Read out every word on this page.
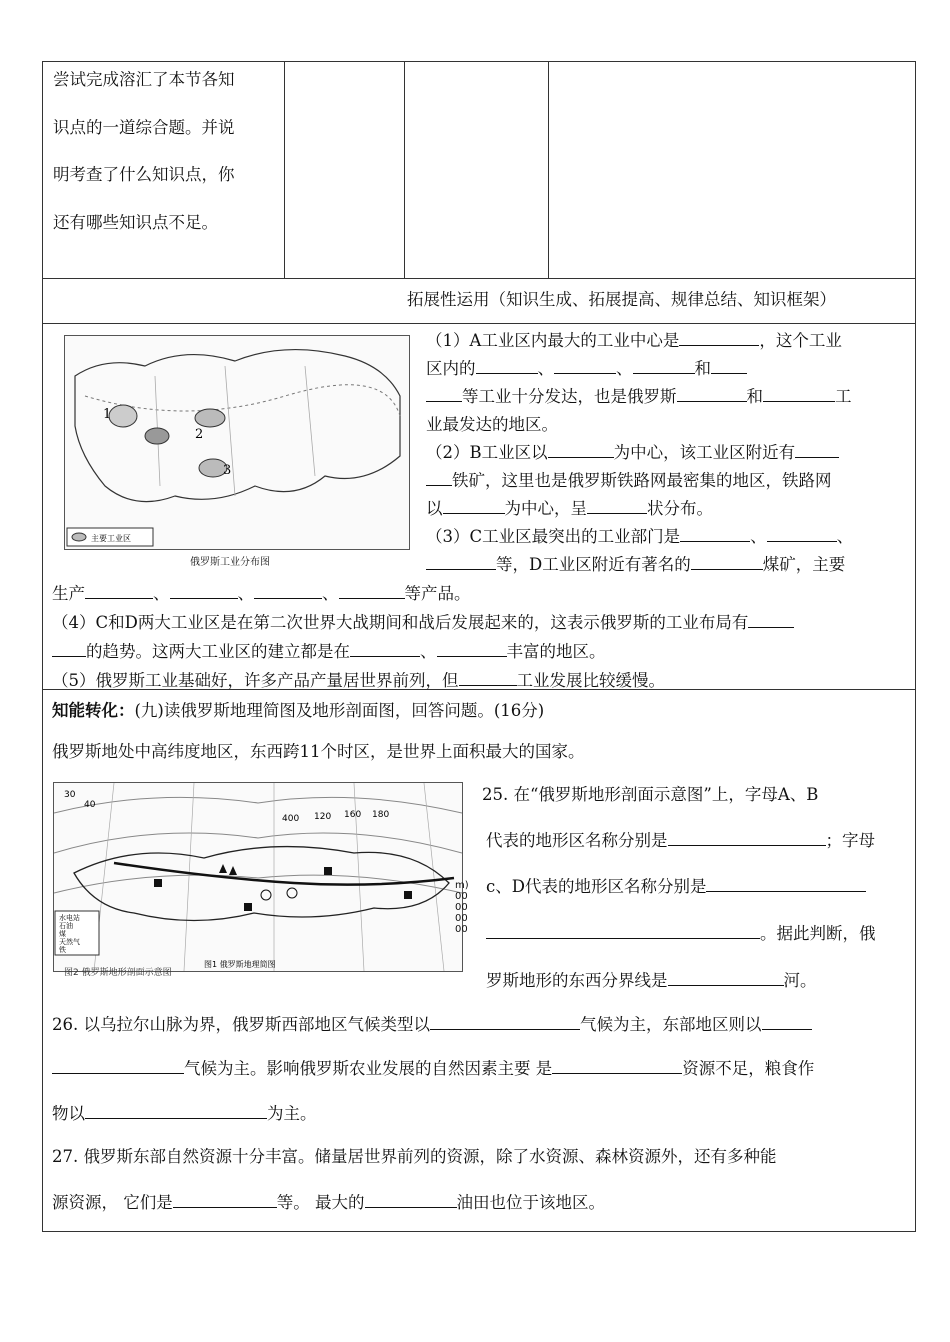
尝试完成溶汇了本节各知
识点的一道综合题。并说
明考查了什么知识点，你
还有哪些知识点不足。
拓展性运用（知识生成、拓展提高、规律总结、知识框架）
1
2
3
主要工业区
俄罗斯工业分布图
（1）A工业区内最大的工业中心是	，这个工业
区内的	、	、	和
等工业十分发达，也是俄罗斯	和	工
业最发达的地区。
（2）B工业区以	为中心，该工业区附近有
铁矿，这里也是俄罗斯铁路网最密集的地区，铁路网
以	为中心，呈	状分布。
（3）C工业区最突出的工业部门是	、	、
等，D工业区附近有著名的	煤矿，主要
生产	、	、	、	等产品。
（4）C和D两大工业区是在第二次世界大战期间和战后发展起来的，这表示俄罗斯的工业布局有
的趋势。这两大工业区的建立都是在	、	丰富的地区。
（5）俄罗斯工业基础好，许多产品产量居世界前列，但	工业发展比较缓慢。
知能转化：(九)读俄罗斯地理简图及地形剖面图，回答问题。(16分)
俄罗斯地处中高纬度地区，东西跨11个时区，是世界上面积最大的国家。
30
40
400 120 160 180
水电站
石油
煤
天然气
铁
图1 俄罗斯地理简图
图2 俄罗斯地形剖面示意图
m)
00
00
00
00
25. 在“俄罗斯地形剖面示意图”上，字母A、B
代表的地形区名称分别是	；字母
c、D代表的地形区名称分别是
。据此判断，俄
罗斯地形的东西分界线是	河。
26. 以乌拉尔山脉为界，俄罗斯西部地区气候类型以	气候为主，东部地区则以
气候为主。影响俄罗斯农业发展的自然因素主要 是	资源不足，粮食作
物以	为主。
27. 俄罗斯东部自然资源十分丰富。储量居世界前列的资源，除了水资源、森林资源外，还有多种能
源资源， 它们是	等。 最大的	油田也位于该地区。
